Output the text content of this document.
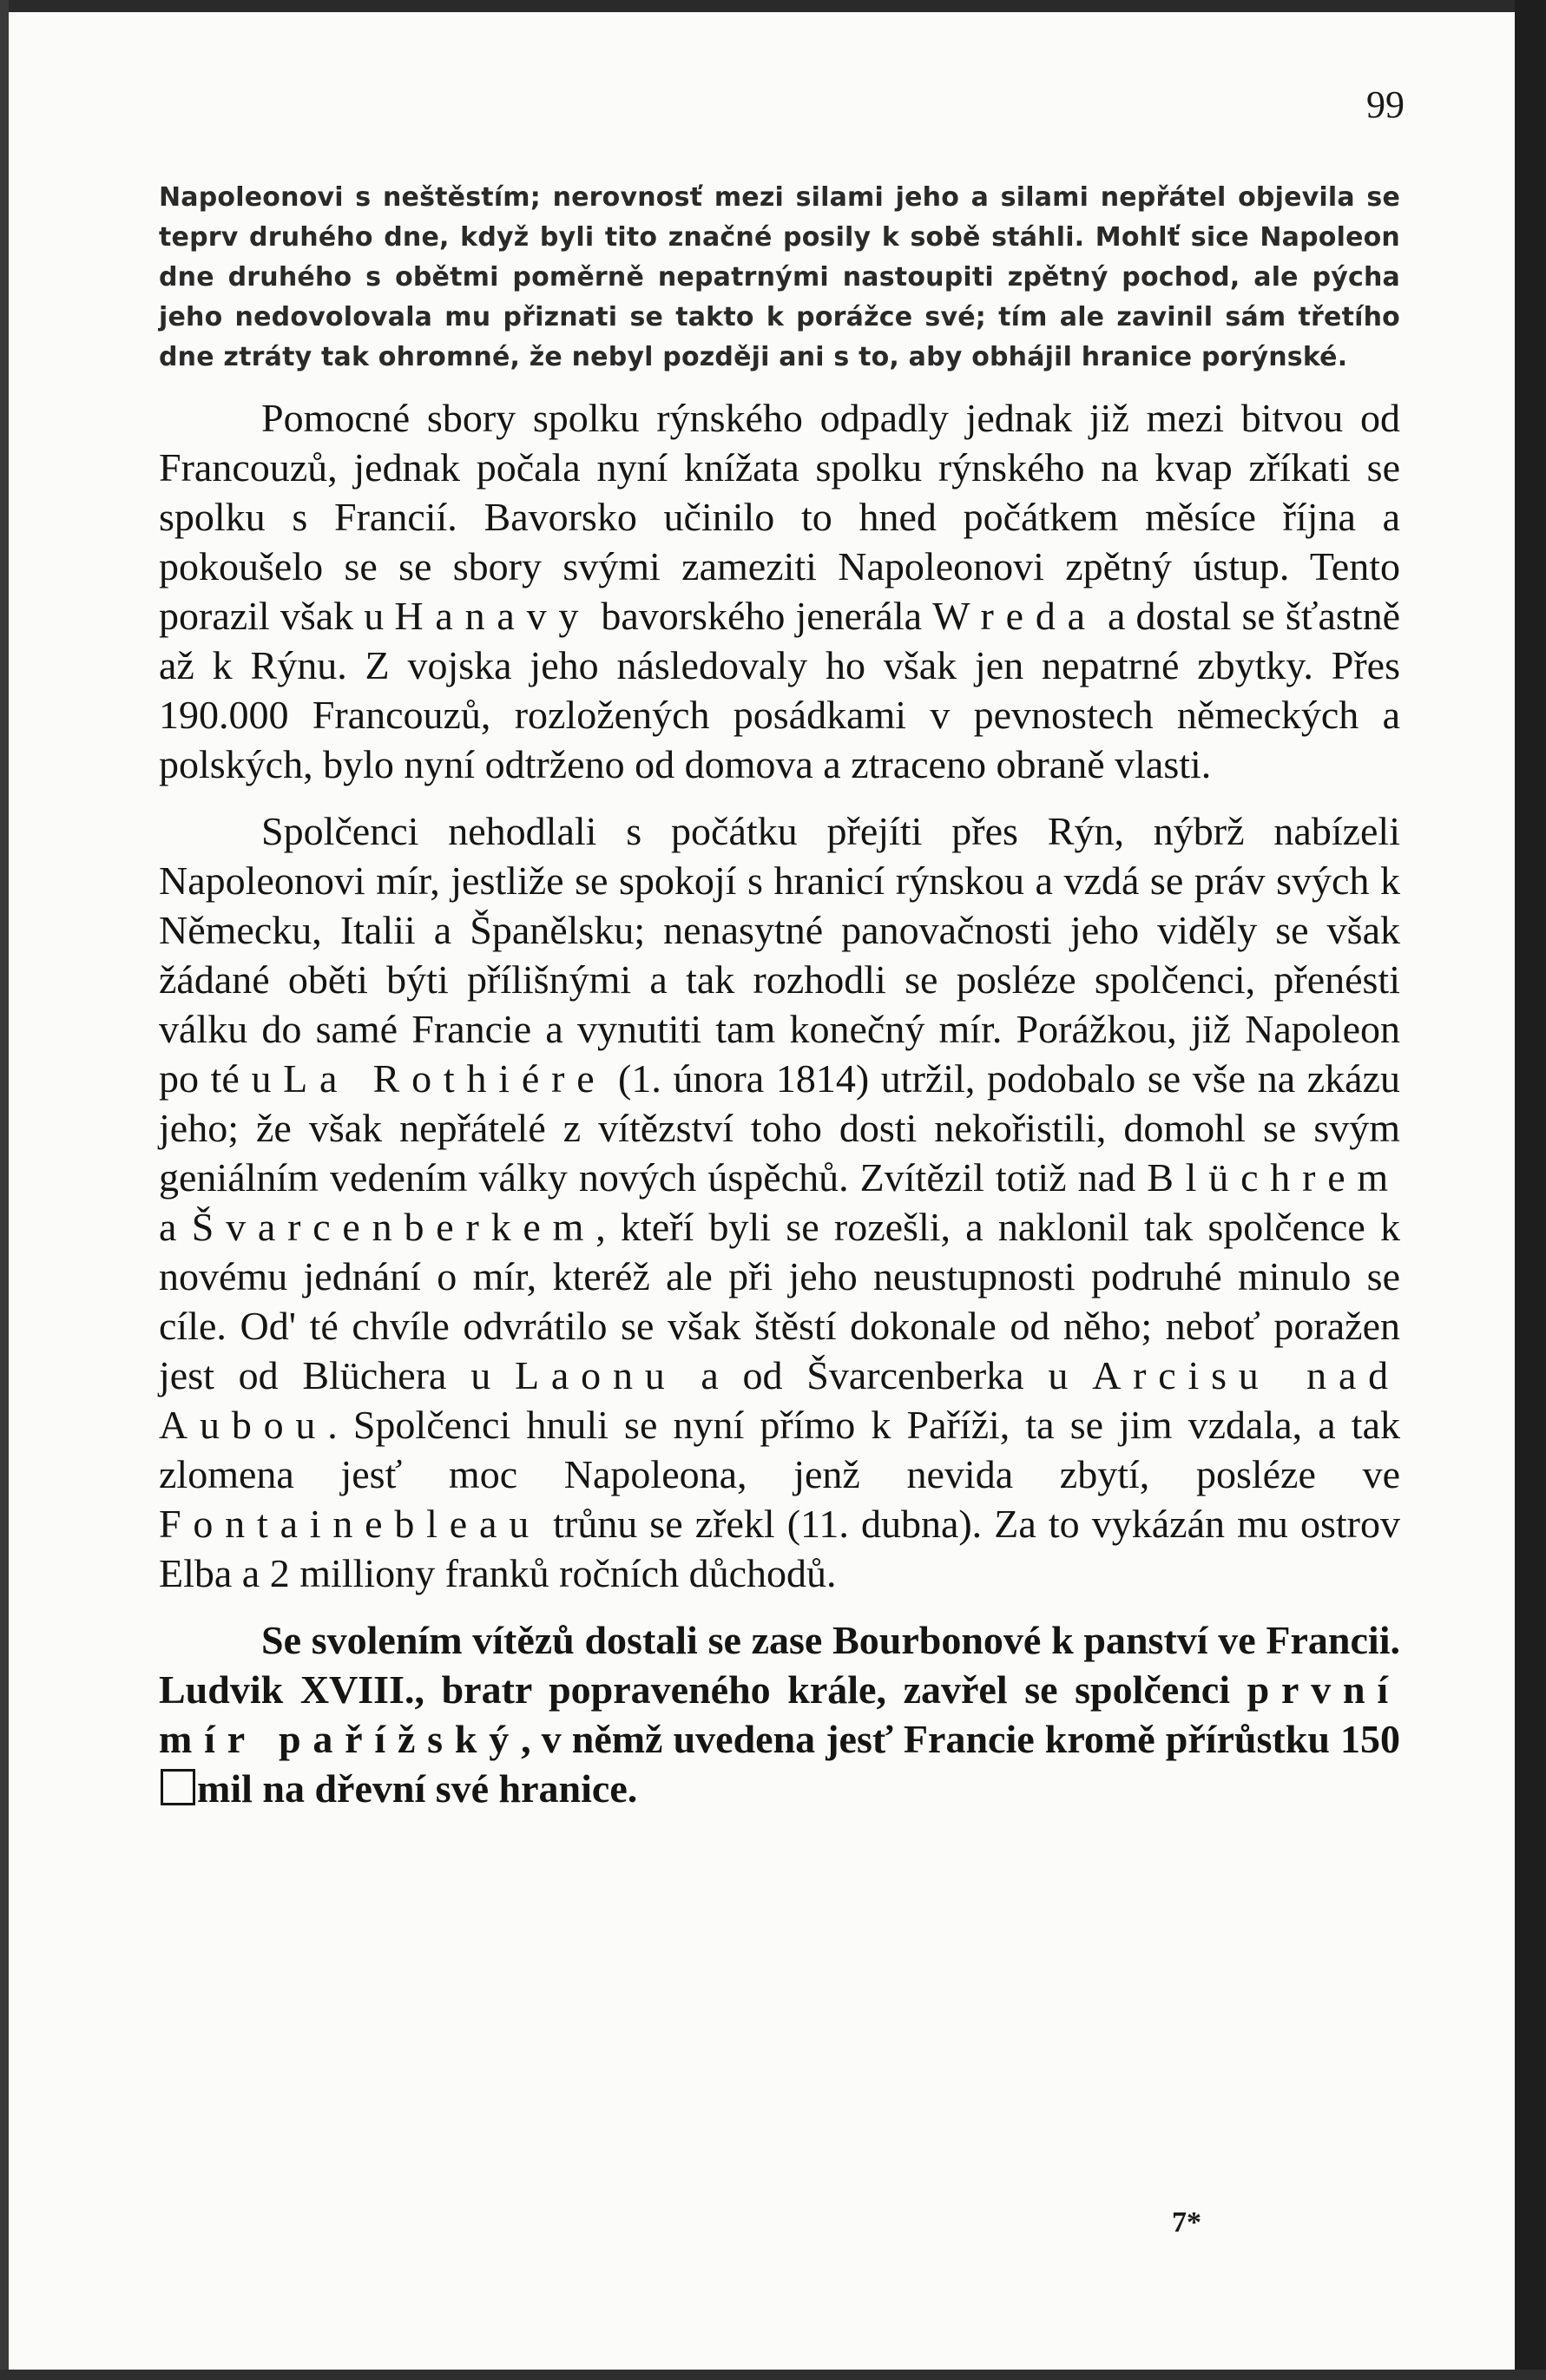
99

Napoleonovi s neštěstím; nerovnosť mezi silami jeho a silami nepřátel objevila se teprv druhého dne, když byli tito značné posily k sobě stáhli. Mohlť sice Napoleon dne druhého s obětmi poměrně nepatrnými nastoupiti zpětný pochod, ale pýcha jeho nedovolovala mu přiznati se takto k porážce své; tím ale zavinil sám třetího dne ztráty tak ohromné, že nebyl později ani s to, aby obhájil hranice porýnské.

Pomocné sbory spolku rýnského odpadly jednak již mezi bitvou od Francouzů, jednak počala nyní knížata spolku rýnského na kvap zříkati se spolku s Francií. Bavorsko učinilo to hned počátkem měsíce října a pokoušelo se se sbory svými zameziti Napoleonovi zpětný ústup. Tento porazil však u Hanavy bavorského jenerála Wreda a dostal se šťastně až k Rýnu. Z vojska jeho následovaly ho však jen nepatrné zbytky. Přes 190.000 Francouzů, rozložených posádkami v pevnostech německých a polských, bylo nyní odtrženo od domova a ztraceno obraně vlasti.

Spolčenci nehodlali s počátku přejíti přes Rýn, nýbrž nabízeli Napoleonovi mír, jestliže se spokojí s hranicí rýnskou a vzdá se práv svých k Německu, Italii a Španělsku; nenasytné panovačnosti jeho viděly se však žádané oběti býti přílišnými a tak rozhodli se posléze spolčenci, přenésti válku do samé Francie a vynutiti tam konečný mír. Porážkou, již Napoleon po té u La Rothiére (1. února 1814) utržil, podobalo se vše na zkázu jeho; že však nepřátelé z vítězství toho dosti nekořistili, domohl se svým geniálním vedením války nových úspěchů. Zvítězil totiž nad Blüchrem a Švarcenberkem, kteří byli se rozešli, a naklonil tak spolčence k novému jednání o mír, kteréž ale při jeho neustupnosti podruhé minulo se cíle. Od' té chvíle odvrátilo se však štěstí dokonale od něho; neboť poražen jest od Blüchera u Laonu a od Švarcenberka u Arcisu nad Aubou. Spolčenci hnuli se nyní přímo k Paříži, ta se jim vzdala, a tak zlomena jesť moc Napoleona, jenž nevida zbytí, posléze ve Fontainebleau trůnu se zřekl (11. dubna). Za to vykázán mu ostrov Elba a 2 milliony franků ročních důchodů.

Se svolením vítězů dostali se zase Bourbonové k panství ve Francii. Ludvik XVIII., bratr popraveného krále, zavřel se spolčenci první mír pařížský, v němž uvedena jesť Francie kromě přírůstku 150 mil na dřevní své hranice.

7*
